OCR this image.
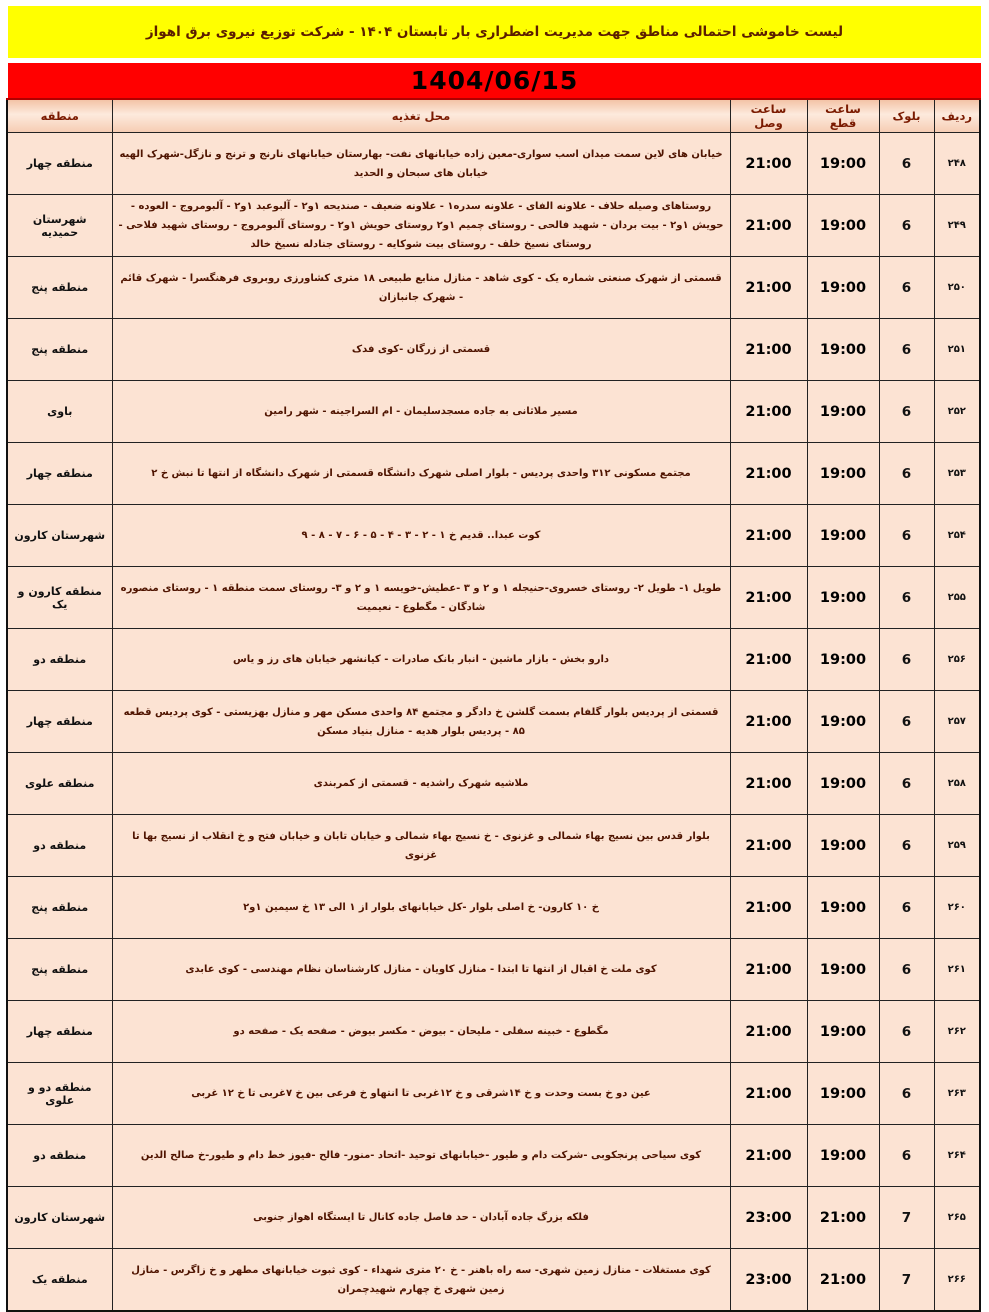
لیست خاموشی احتمالی مناطق جهت مدیریت اضطراری بار تابستان ۱۴۰۴ - شرکت توزیع نیروی برق اهواز
1404/06/15
ردیف	بلوک	ساعت قطع	ساعت وصل	محل تغذیه	منطقه
۲۴۸	6	19:00	21:00	خیابان های لاین سمت میدان اسب سواری-معین زاده خیابانهای نفت- بهارستان خیابانهای نارنج و ترنج و نازگل-شهرک الهیه خیابان های سبحان و الحدید	منطقه چهار
۲۴۹	6	19:00	21:00	روستاهای وصیله حلاف - علاونه الفای - علاونه سدره۱ - علاونه ضعیف - صندیحه ۱و۲ - آلبوعبد ۱و۲ - آلبومروج - العوده - حویش ۱و۲ - بیت بردان - شهید فالحی - روستای چمیم ۱و۲ روستای حویش ۱و۲ - روستای آلبومروج - روستای شهید فلاحی - روستای نسیخ خلف - روستای بیت شوکایه - روستای جنادله نسیخ خالد	شهرستان حمیدیه
۲۵۰	6	19:00	21:00	قسمتی از شهرک صنعتی شماره یک - کوی شاهد - منازل منابع طبیعی ۱۸ متری کشاورزی روبروی فرهنگسرا - شهرک قائم - شهرک جانبازان	منطقه پنج
۲۵۱	6	19:00	21:00	قسمتی از زرگان -کوی فدک	منطقه پنج
۲۵۲	6	19:00	21:00	مسیر ملاثانی به جاده مسجدسلیمان - ام السراجینه - شهر رامین	باوی
۲۵۳	6	19:00	21:00	مجتمع مسکونی ۳۱۲ واحدی پردیس - بلوار اصلی شهرک دانشگاه قسمتی از شهرک دانشگاه از انتها تا نبش خ ۲	منطقه چهار
۲۵۴	6	19:00	21:00	کوت عبدا.. قدیم خ ۱ - ۲ - ۳ - ۴ - ۵ - ۶ - ۷ - ۸ - ۹	شهرستان کارون
۲۵۵	6	19:00	21:00	طویل ۱- طویل ۲- روستای خسروی-حنیجله ۱ و ۲ و ۳ -عطیش-خویسه ۱ و ۲ و ۳- روستای سمت منطقه ۱ - روستای منصوره شادگان - مگطوع - نعیمیت	منطقه کارون و یک
۲۵۶	6	19:00	21:00	دارو بخش - بازار ماشین - انبار بانک صادرات - کیانشهر خیابان های رز و یاس	منطقه دو
۲۵۷	6	19:00	21:00	قسمتی از پردیس بلوار گلفام بسمت گلشن خ دادگر و مجتمع ۸۴ واحدی مسکن مهر و منازل بهزیستی - کوی پردیس قطعه ۸۵ - پردیس بلوار هدیه - منازل بنیاد مسکن	منطقه چهار
۲۵۸	6	19:00	21:00	ملاشیه شهرک راشدیه - قسمتی از کمربندی	منطقه علوی
۲۵۹	6	19:00	21:00	بلوار قدس بین نسیج بهاء شمالی و غزنوی - خ نسیج بهاء شمالی و خیابان تابان و خیابان فتح و خ انقلاب از نسیج بها تا غزنوی	منطقه دو
۲۶۰	6	19:00	21:00	خ ۱۰ کارون- خ اصلی بلوار -کل خیابانهای بلوار از ۱ الی ۱۳ خ سیمین ۱و۲	منطقه پنج
۲۶۱	6	19:00	21:00	کوی ملت خ اقبال از انتها تا ابتدا - منازل کاویان - منازل کارشناسان نظام مهندسی - کوی عابدی	منطقه پنج
۲۶۲	6	19:00	21:00	مگطوع - خبینه سفلی - ملیحان - بیوض - مکسر بیوض - صفحه یک - صفحه دو	منطقه چهار
۲۶۳	6	19:00	21:00	عین دو خ بست وحدت و خ ۱۴شرقی و خ ۱۲غربی تا انتهاو خ فرعی بین خ ۷غربی تا خ ۱۲ غربی	منطقه دو و علوی
۲۶۴	6	19:00	21:00	کوی سیاحی پرنجکوبی -شرکت دام و طیور -خیابانهای توحید -اتحاد -منور- فالح -فیوز خط دام و طیور-خ صالح الدین	منطقه دو
۲۶۵	7	21:00	23:00	فلکه بزرگ جاده آبادان - حد فاصل جاده کانال تا ایستگاه اهواز جنوبی	شهرستان کارون
۲۶۶	7	21:00	23:00	کوی مستغلات - منازل زمین شهری- سه راه باهنر - خ ۲۰ متری شهداء - کوی ثبوت خیابانهای مطهر و خ زاگرس - منازل زمین شهری خ چهارم شهیدچمران	منطقه یک
